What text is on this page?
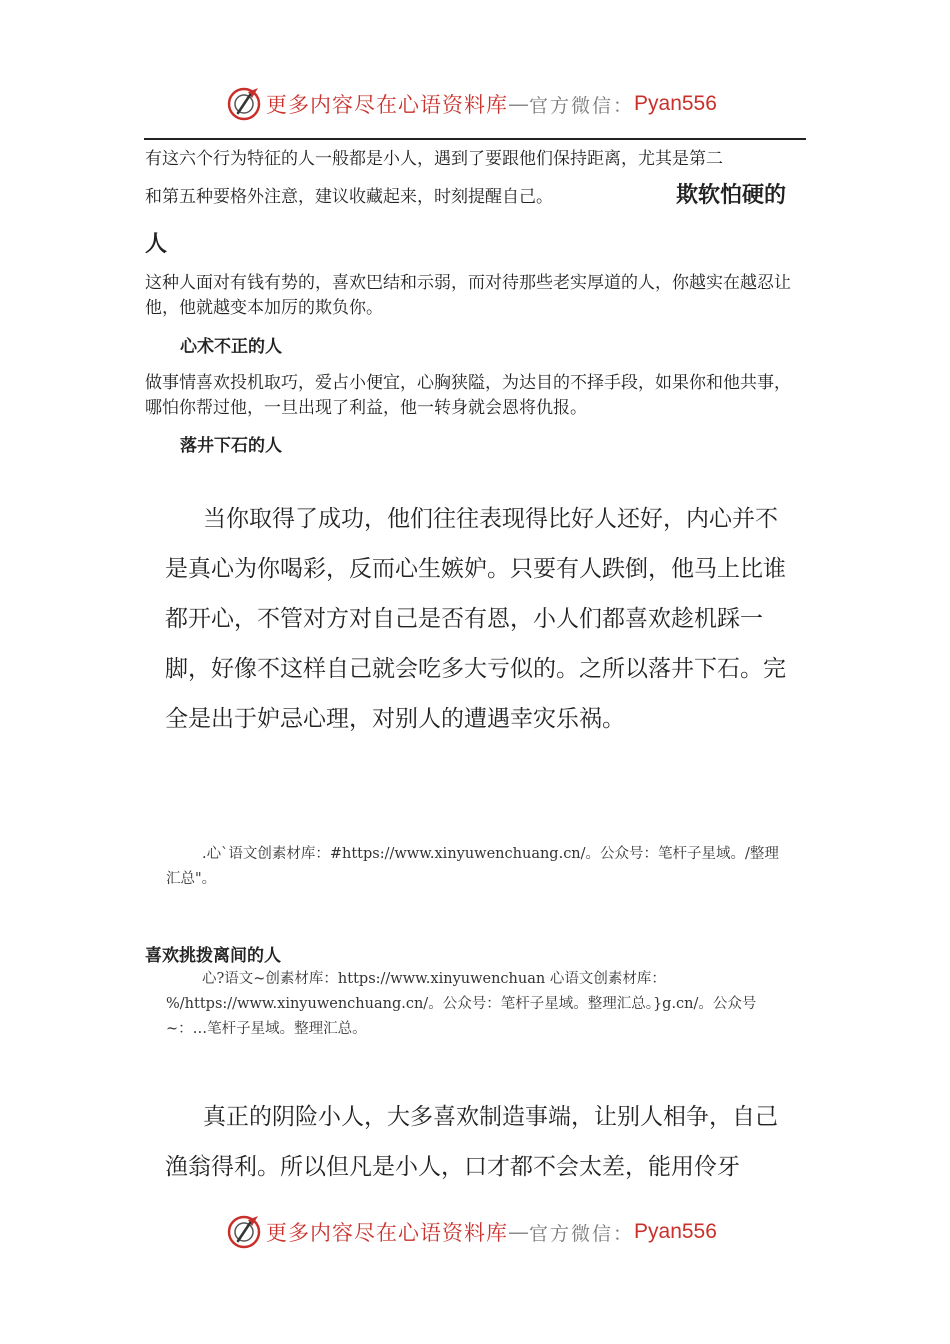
更多内容尽在心语资料库 — 官方微信： Pyan556

有这六个行为特征的人一般都是小人，遇到了要跟他们保持距离，尤其是第二

和第五种要格外注意，建议收藏起来，时刻提醒自己。	欺软怕硬的
人

这种人面对有钱有势的，喜欢巴结和示弱，而对待那些老实厚道的人，你越实在越忍让他，他就越变本加厉的欺负你。

心术不正的人

做事情喜欢投机取巧，爱占小便宜，心胸狭隘，为达目的不择手段，如果你和他共事，哪怕你帮过他，一旦出现了利益，他一转身就会恩将仇报。

落井下石的人

当你取得了成功，他们往往表现得比好人还好，内心并不是真心为你喝彩，反而心生嫉妒。只要有人跌倒，他马上比谁都开心，不管对方对自己是否有恩，小人们都喜欢趁机踩一脚，好像不这样自己就会吃多大亏似的。之所以落井下石。完全是出于妒忌心理，对别人的遭遇幸灾乐祸。

.心`语文创素材库：#https://www.xinyuwenchuang.cn/。公众号：笔杆子星域。/整理汇总"。

喜欢挑拨离间的人

心?语文~创素材库：https://www.xinyuwenchuan 心语文创素材库：%/https://www.xinyuwenchuang.cn/。公众号：笔杆子星域。整理汇总。}g.cn/。公众号~：…笔杆子星域。整理汇总。

真正的阴险小人，大多喜欢制造事端，让别人相争，自己渔翁得利。所以但凡是小人，口才都不会太差，能用伶牙

更多内容尽在心语资料库 — 官方微信： Pyan556
